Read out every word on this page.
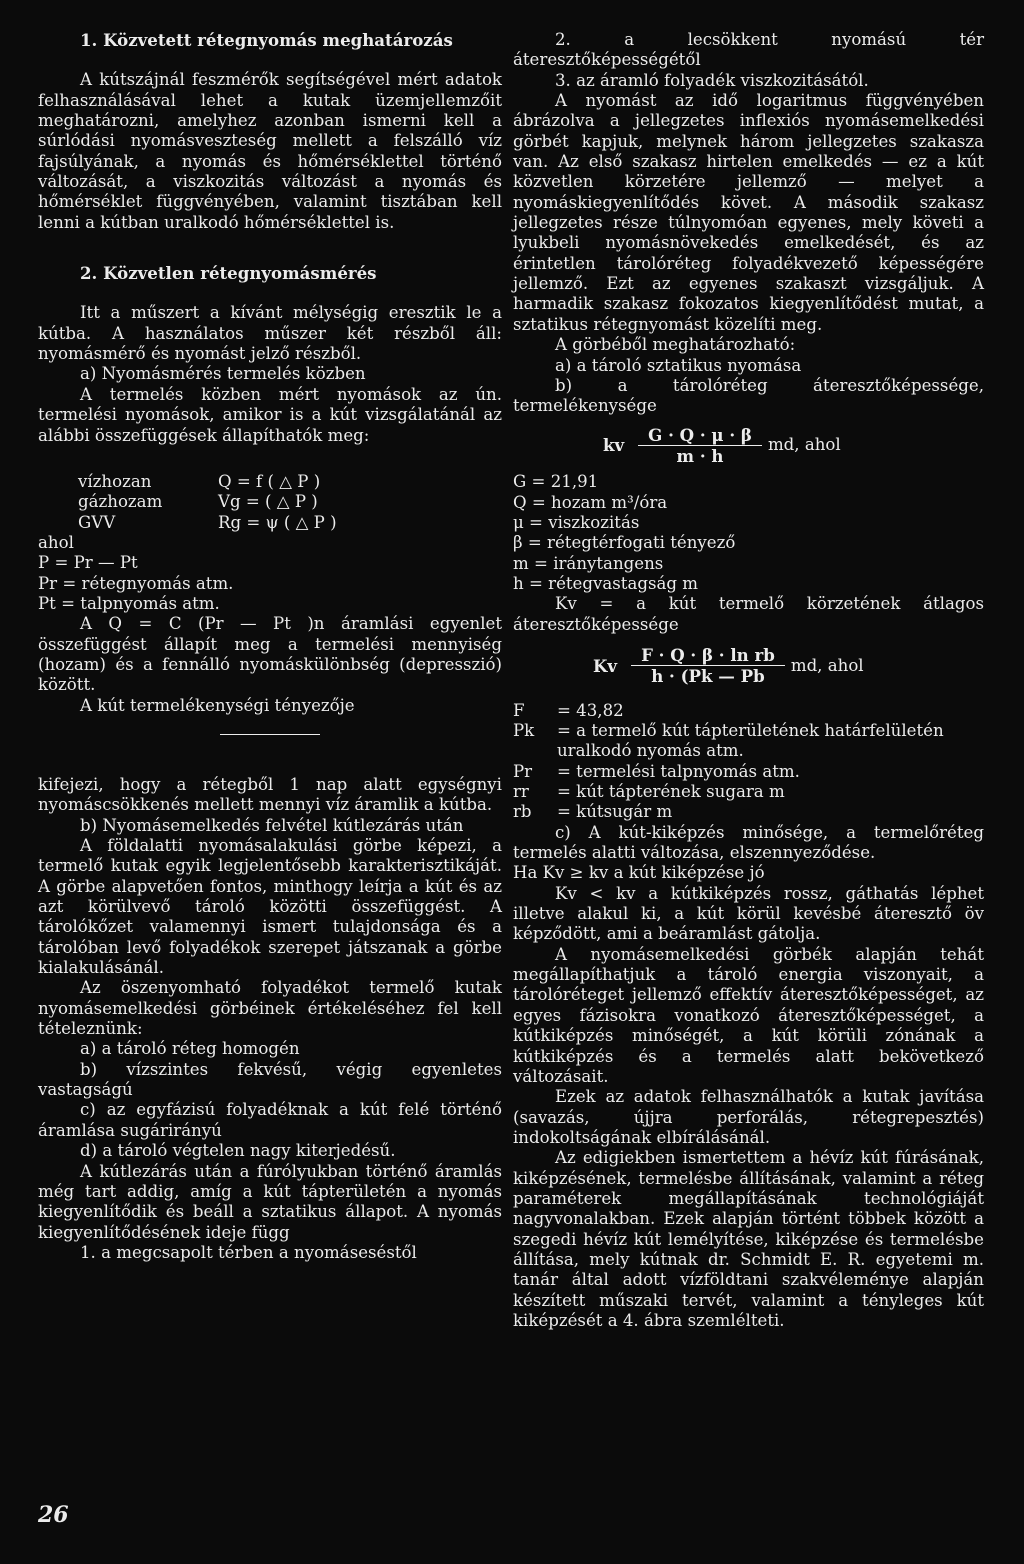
1. Közvetett rétegnyomás meghatározás

A kútszájnál feszmérők segítségével mért adatok felhasználásával lehet a kutak üzemjellemzőit meghatározni, amelyhez azonban ismerni kell a súrlódási nyomásveszteség mellett a felszálló víz fajsúlyának, a nyomás és hőmérséklettel történő változását, a viszkozitás változást a nyomás és hőmérséklet függvényében, valamint tisztában kell lenni a kútban uralkodó hőmérséklettel is.

2. Közvetlen rétegnyomásmérés

Itt a műszert a kívánt mélységig eresztik le a kútba. A használatos műszer két részből áll: nyomásmérő és nyomást jelző részből.

a) Nyomásmérés termelés közben

A termelés közben mért nyomások az ún. termelési nyomások, amikor is a kút vizsgálatánál az alábbi összefüggések állapíthatók meg:

vízhozan	Q = f ( △ P )
gázhozam	Vg = ( △ P )
GVV	Rg = ψ ( △ P )

ahol

P = Pr — Pt

Pr = rétegnyomás atm.

Pt = talpnyomás atm.

A Q = C (Pr — Pt )n áramlási egyenlet összefüggést állapít meg a termelési mennyiség (hozam) és a fennálló nyomáskülönbség (depresszió) között.

A kút termelékenységi tényezője

kifejezi, hogy a rétegből 1 nap alatt egységnyi nyomáscsökkenés mellett mennyi víz áramlik a kútba.

b) Nyomásemelkedés felvétel kútlezárás után

A földalatti nyomásalakulási görbe képezi, a termelő kutak egyik legjelentősebb karakterisztikáját. A görbe alapvetően fontos, minthogy leírja a kút és az azt körülvevő tároló közötti összefüggést. A tárolókőzet valamennyi ismert tulajdonsága és a tárolóban levő folyadékok szerepet játszanak a görbe kialakulásánál.

Az öszenyomható folyadékot termelő kutak nyomásemelkedési görbéinek értékeléséhez fel kell tételeznünk:

a) a tároló réteg homogén

b) vízszintes fekvésű, végig egyenletes vastagságú

c) az egyfázisú folyadéknak a kút felé történő áramlása sugárirányú

d) a tároló végtelen nagy kiterjedésű.

A kútlezárás után a fúrólyukban történő áramlás még tart addig, amíg a kút tápterületén a nyomás kiegyenlítődik és beáll a sztatikus állapot. A nyomás kiegyenlítődésének ideje függ

1. a megcsapolt térben a nyomáseséstől

2. a lecsökkent nyomású tér áteresztőképességétől

3. az áramló folyadék viszkozitásától.

A nyomást az idő logaritmus függvényében ábrázolva a jellegzetes inflexiós nyomásemelkedési görbét kapjuk, melynek három jellegzetes szakasza van. Az első szakasz hirtelen emelkedés — ez a kút közvetlen körzetére jellemző — melyet a nyomáskiegyenlítődés követ. A második szakasz jellegzetes része túlnyomóan egyenes, mely követi a lyukbeli nyomásnövekedés emelkedését, és az érintetlen tárolóréteg folyadékvezető képességére jellemző. Ezt az egyenes szakaszt vizsgáljuk. A harmadik szakasz fokozatos kiegyenlítődést mutat, a sztatikus rétegnyomást közelíti meg.

A görbéből meghatározható:

a) a tároló sztatikus nyomása

b) a tárolóréteg áteresztőképessége, termelékenysége

kv $\frac{G \cdot Q \cdot \mu \cdot \beta}{m \cdot h}$ md, ahol

G = 21,91

Q = hozam m³/óra

μ = viszkozitás

β = rétegtérfogati tényező

m = iránytangens

h = rétegvastagság m

Kv = a kút termelő körzetének átlagos áteresztőképessége

Kv $\frac{\text{F · Q · β · ln rb}}{h \cdot (Pk — Pb}$ md, ahol
F	= 43,82
Pk	= a termelő kút tápterületének határfelületén uralkodó nyomás atm.
Pr	= termelési talpnyomás atm.
rr	= kút tápterének sugara m
rb	= kútsugár m

c) A kút-kiképzés minősége, a termelőréteg termelés alatti változása, elszennyeződése.

Ha Kv ≥ kv a kút kiképzése jó

Kv < kv a kútkiképzés rossz, gáthatás léphet illetve alakul ki, a kút körül kevésbé áteresztő öv képződött, ami a beáramlást gátolja.

A nyomásemelkedési görbék alapján tehát megállapíthatjuk a tároló energia viszonyait, a tárolóréteget jellemző effektív áteresztőképességet, az egyes fázisokra vonatkozó áteresztőképességet, a kútkiképzés minőségét, a kút körüli zónának a kútkiképzés és a termelés alatt bekövetkező változásait.

Ezek az adatok felhasználhatók a kutak javítása (savazás, újjra perforálás, rétegrepesztés) indokoltságának elbírálásánál.

Az edigiekben ismertettem a hévíz kút fúrásának, kiképzésének, termelésbe állításának, valamint a réteg paraméterek megállapításának technológiáját nagyvonalakban. Ezek alapján történt többek között a szegedi hévíz kút lemélyítése, kiképzése és termelésbe állítása, mely kútnak dr. Schmidt E. R. egyetemi m. tanár által adott vízföldtani szakvéleménye alapján készített műszaki tervét, valamint a tényleges kút kiképzését a 4. ábra szemlélteti.

26
